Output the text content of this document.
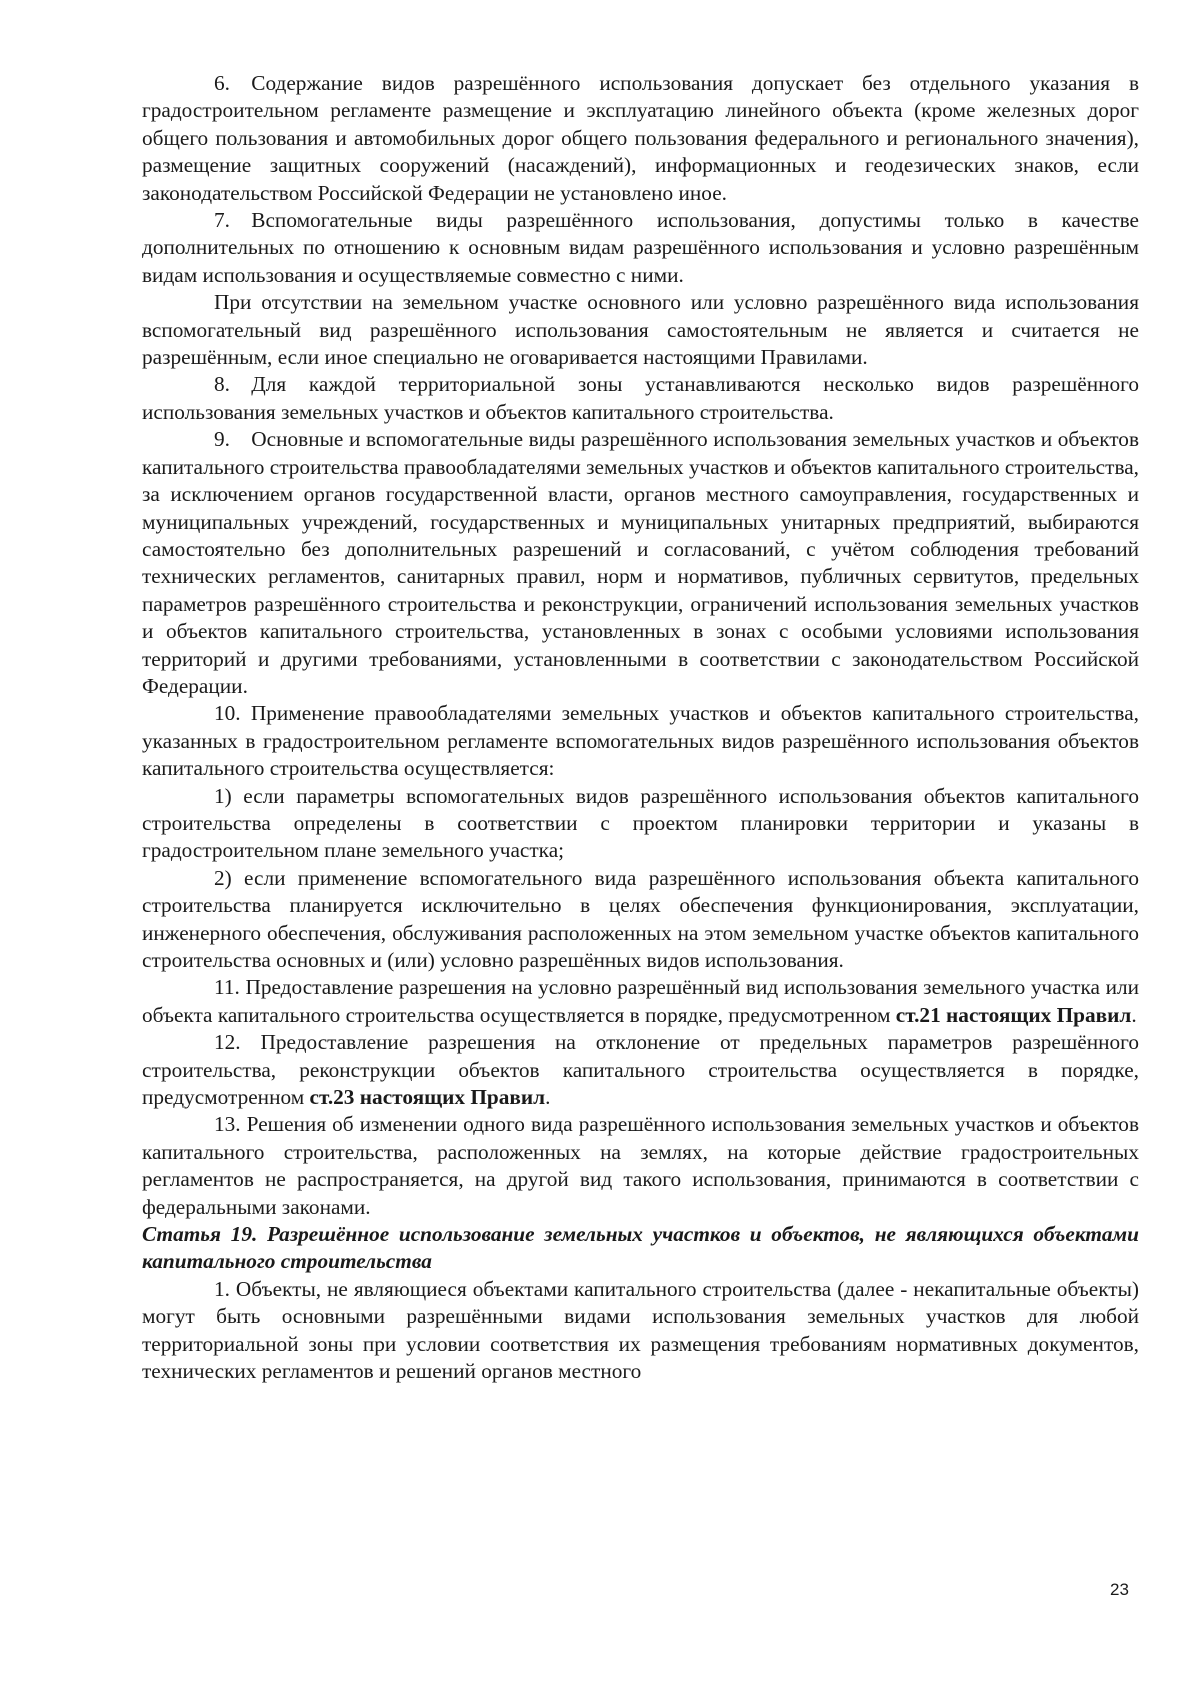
6. Содержание видов разрешённого использования допускает без отдельного указания в градостроительном регламенте размещение и эксплуатацию линейного объекта (кроме железных дорог общего пользования и автомобильных дорог общего пользования федерального и регионального значения), размещение защитных сооружений (насаждений), информационных и геодезических знаков, если законодательством Российской Федерации не установлено иное.

7. Вспомогательные виды разрешённого использования, допустимы только в качестве дополнительных по отношению к основным видам разрешённого использования и условно разрешённым видам использования и осуществляемые совместно с ними.

При отсутствии на земельном участке основного или условно разрешённого вида использования вспомогательный вид разрешённого использования самостоятельным не является и считается не разрешённым, если иное специально не оговаривается настоящими Правилами.

8. Для каждой территориальной зоны устанавливаются несколько видов разрешённого использования земельных участков и объектов капитального строительства.

9. Основные и вспомогательные виды разрешённого использования земельных участков и объектов капитального строительства правообладателями земельных участков и объектов капитального строительства, за исключением органов государственной власти, органов местного самоуправления, государственных и муниципальных учреждений, государственных и муниципальных унитарных предприятий, выбираются самостоятельно без дополнительных разрешений и согласований, с учётом соблюдения требований технических регламентов, санитарных правил, норм и нормативов, публичных сервитутов, предельных параметров разрешённого строительства и реконструкции, ограничений использования земельных участков и объектов капитального строительства, установленных в зонах с особыми условиями использования территорий и другими требованиями, установленными в соответствии с законодательством Российской Федерации.

10. Применение правообладателями земельных участков и объектов капитального строительства, указанных в градостроительном регламенте вспомогательных видов разрешённого использования объектов капитального строительства осуществляется:

1) если параметры вспомогательных видов разрешённого использования объектов капитального строительства определены в соответствии с проектом планировки территории и указаны в градостроительном плане земельного участка;

2) если применение вспомогательного вида разрешённого использования объекта капитального строительства планируется исключительно в целях обеспечения функционирования, эксплуатации, инженерного обеспечения, обслуживания расположенных на этом земельном участке объектов капитального строительства основных и (или) условно разрешённых видов использования.

11. Предоставление разрешения на условно разрешённый вид использования земельного участка или объекта капитального строительства осуществляется в порядке, предусмотренном ст.21 настоящих Правил.

12. Предоставление разрешения на отклонение от предельных параметров разрешённого строительства, реконструкции объектов капитального строительства осуществляется в порядке, предусмотренном ст.23 настоящих Правил.

13. Решения об изменении одного вида разрешённого использования земельных участков и объектов капитального строительства, расположенных на землях, на которые действие градостроительных регламентов не распространяется, на другой вид такого использования, принимаются в соответствии с федеральными законами.

Статья 19. Разрешённое использование земельных участков и объектов, не являющихся объектами капитального строительства

1. Объекты, не являющиеся объектами капитального строительства (далее - некапитальные объекты) могут быть основными разрешёнными видами использования земельных участков для любой территориальной зоны при условии соответствия их размещения требованиям нормативных документов, технических регламентов и решений органов местного

23
